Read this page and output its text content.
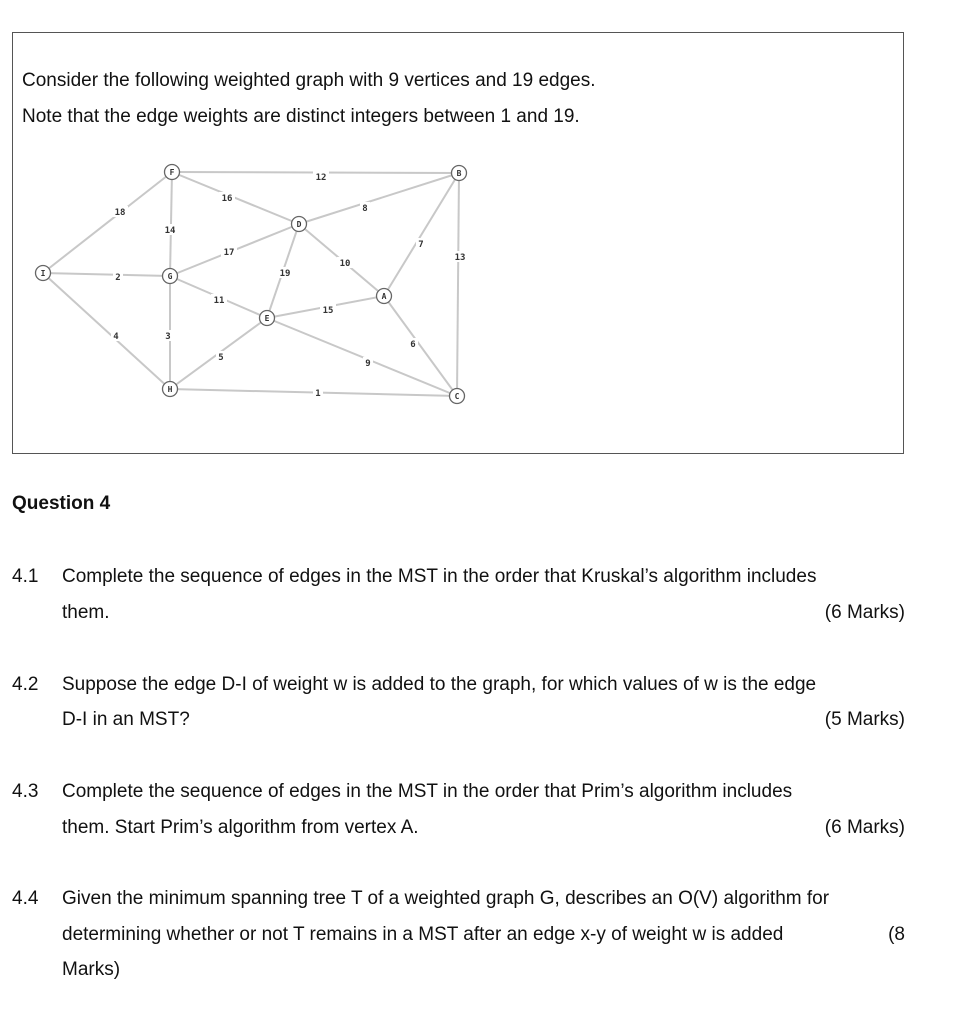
Consider the following weighted graph with 9 vertices and 19 edges.
Note that the edge weights are distinct integers between 1 and 19.
12
16
18
14
8
17
10
19
7
13
2
11
15
6
4	3
5
9
1
I
F
G
H
D
E
B
A
C
Question 4
4.1 Complete the sequence of edges in the MST in the order that Kruskal’s algorithm includes
them.	(6 Marks)
4.2 Suppose the edge D-I of weight w is added to the graph, for which values of w is the edge
D-I in an MST?	(5 Marks)
4.3 Complete the sequence of edges in the MST in the order that Prim’s algorithm includes
them. Start Prim’s algorithm from vertex A.	(6 Marks)
4.4 Given the minimum spanning tree T of a weighted graph G, describes an O(V) algorithm for
determining whether or not T remains in a MST after an edge x-y of weight w is added	(8
Marks)
